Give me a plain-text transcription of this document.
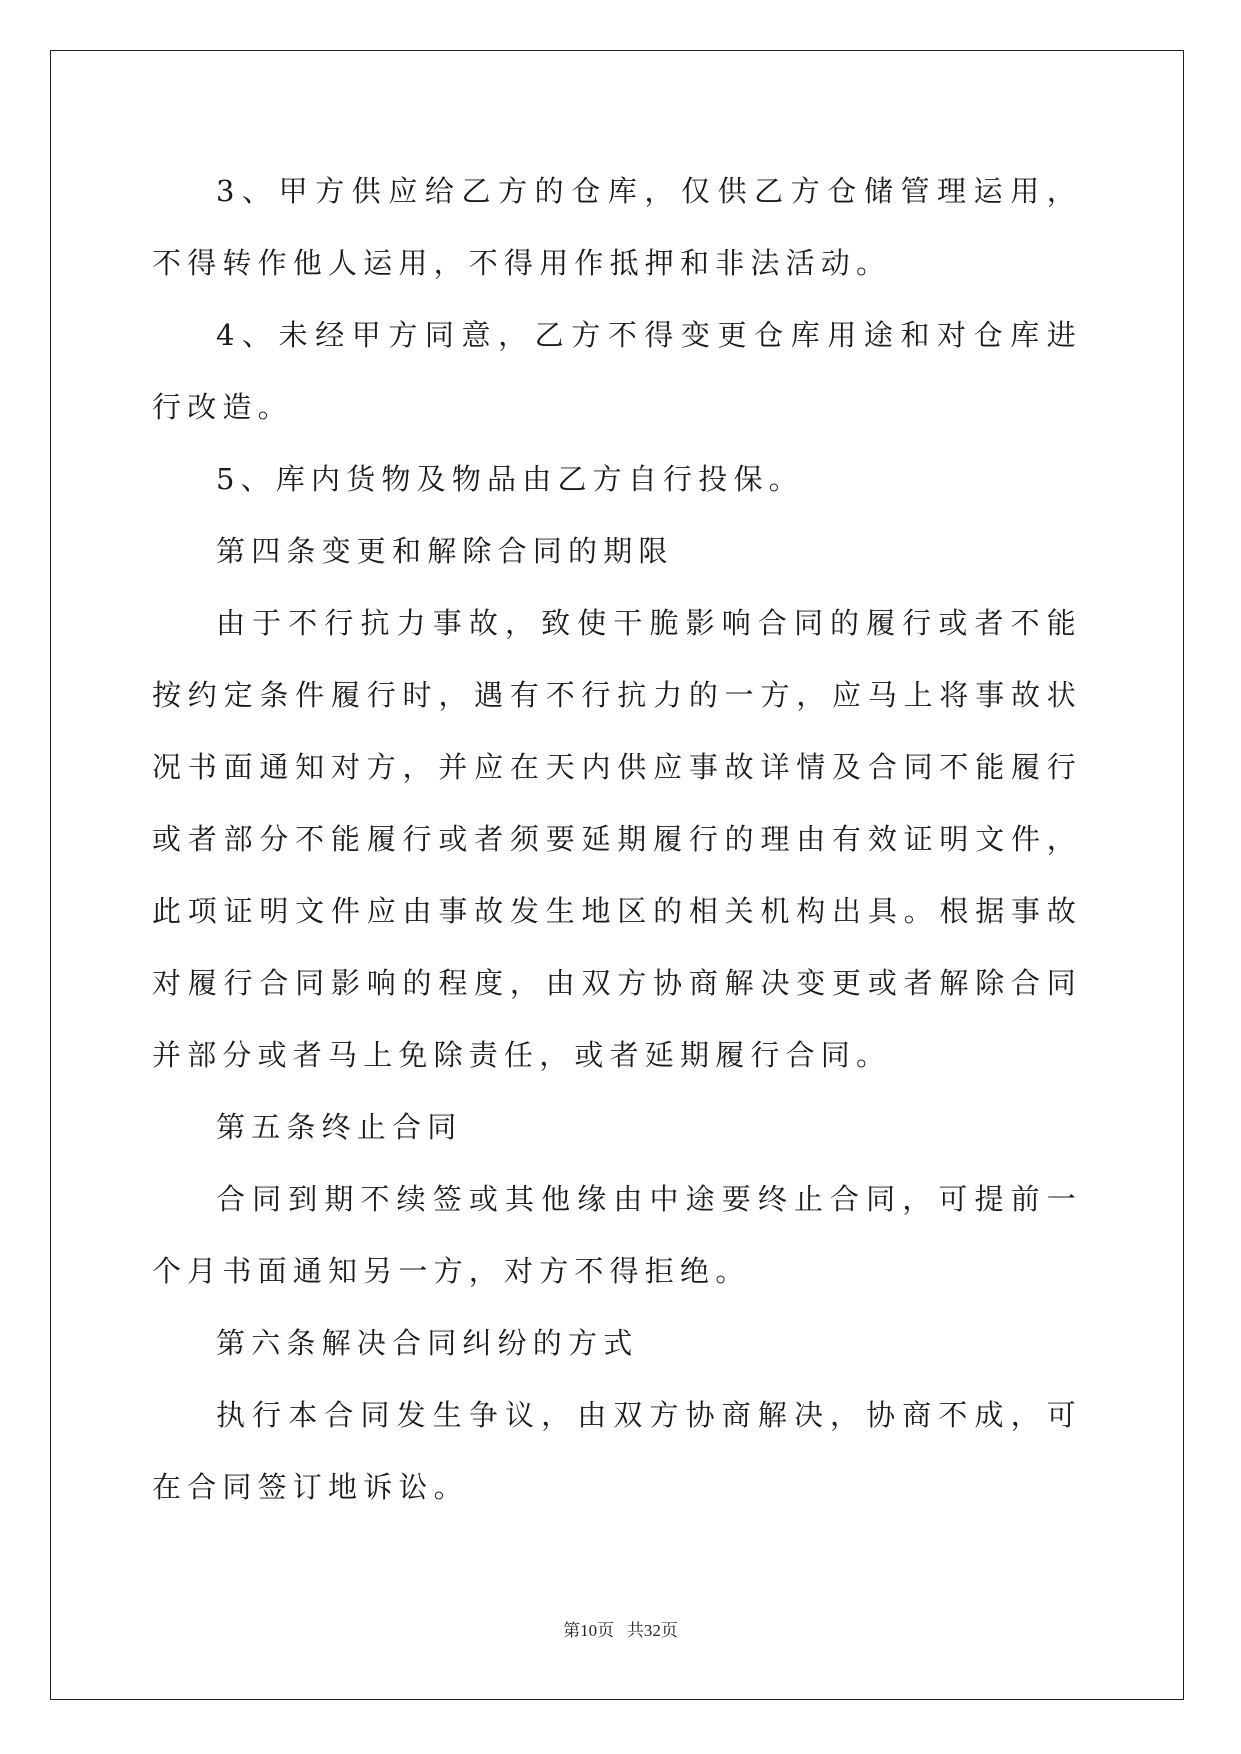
3、甲方供应给乙方的仓库，仅供乙方仓储管理运用，不得转作他人运用，不得用作抵押和非法活动。

4、未经甲方同意，乙方不得变更仓库用途和对仓库进行改造。

5、库内货物及物品由乙方自行投保。

第四条变更和解除合同的期限

由于不行抗力事故，致使干脆影响合同的履行或者不能按约定条件履行时，遇有不行抗力的一方，应马上将事故状况书面通知对方，并应在天内供应事故详情及合同不能履行或者部分不能履行或者须要延期履行的理由有效证明文件，此项证明文件应由事故发生地区的相关机构出具。根据事故对履行合同影响的程度，由双方协商解决变更或者解除合同并部分或者马上免除责任，或者延期履行合同。

第五条终止合同

合同到期不续签或其他缘由中途要终止合同，可提前一个月书面通知另一方，对方不得拒绝。

第六条解决合同纠纷的方式

执行本合同发生争议，由双方协商解决，协商不成，可在合同签订地诉讼。

第10页 共32页
